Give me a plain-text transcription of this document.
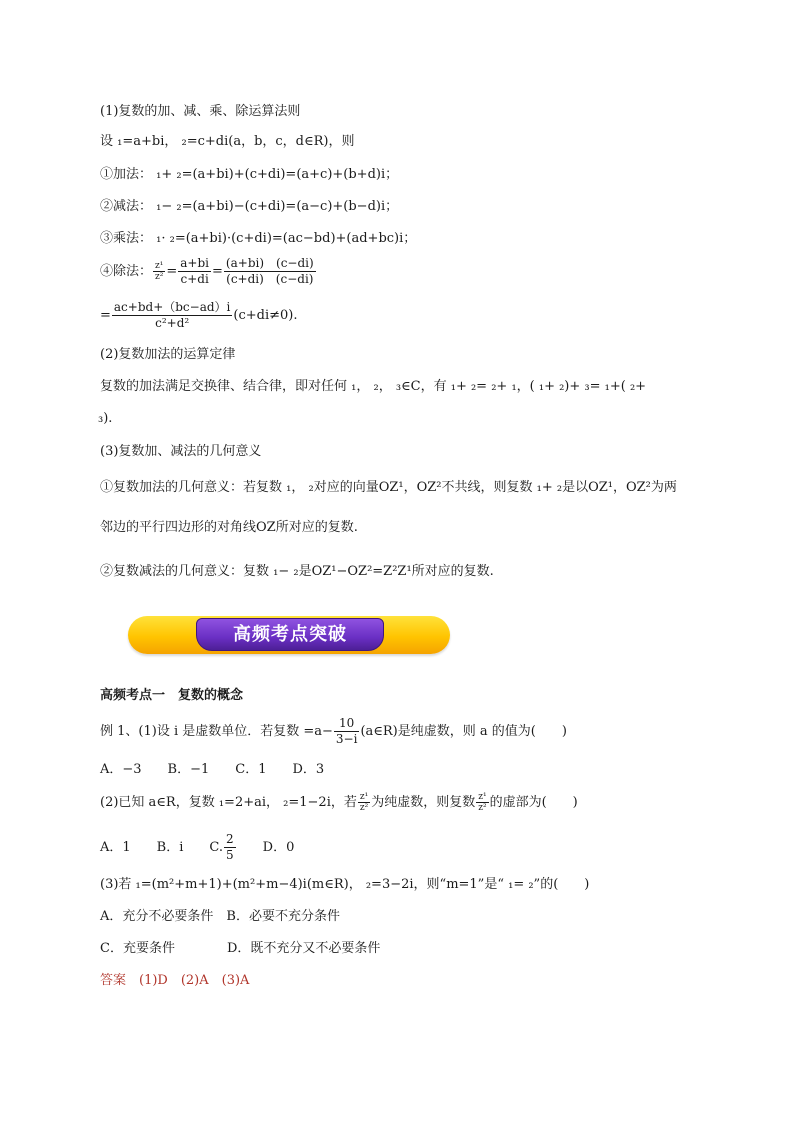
(1)复数的加、减、乘、除运算法则
设 ₁=a+bi， ₂=c+di(a，b，c，d∈R)，则
①加法： ₁+ ₂=(a+bi)+(c+di)=(a+c)+(b+d)i；
②减法： ₁− ₂=(a+bi)−(c+di)=(a−c)+(b−d)i；
③乘法： ₁· ₂=(a+bi)·(c+di)=(ac−bd)+(ad+bc)i；
④除法： $\frac{\text{z¹}}{\text{z²}} = \frac{a+bi}{c+di} = \frac{(a+bi) (c-di)}{(c+di) (c-di)}$
= $\frac{ac+bd+(bc-ad)i}{\text{c²+d²}} (c+di\ne 0)$.
(2)复数加法的运算定律
复数的加法满足交换律、结合律，即对任何 ₁， ₂， ₃∈C，有 ₁+ ₂= ₂+ ₁，( ₁+ ₂)+ ₃= ₁+( ₂+
₃).
(3)复数加、减法的几何意义
①复数加法的几何意义：若复数 ₁， ₂对应的向量OZ¹，OZ²不共线，则复数 ₁+ ₂是以OZ¹，OZ²为两
邻边的平行四边形的对角线OZ所对应的复数.
②复数减法的几何意义：复数 ₁− ₂是OZ¹−OZ²=Z²Z¹所对应的复数.
高频考点突破
高频考点一　复数的概念
例 1、(1)设 i 是虚数单位．若复数 $=a- \frac{10}{3-i}$ (a∈R)是纯虚数，则 a 的值为(　　)
A．−3　　B．−1　　C．1　　D．3
(2)已知 a∈R，复数 ₁=2+ai， ₂=1−2i，若 $\frac{\text{z¹}}{\text{z²}}$ 为纯虚数，则复数 $\frac{\text{z¹}}{\text{z²}}$ 的虚部为(　　)
A．1　　B．i　　C. $\frac{2}{5}$ 　　D．0
(3)若 ₁=(m²+m+1)+(m²+m−4)i(m∈R)， ₂=3−2i，则“m=1”是“ ₁= ₂”的(　　)
A．充分不必要条件　B．必要不充分条件
C．充要条件　　　　D．既不充分又不必要条件
答案　(1)D　(2)A　(3)A
